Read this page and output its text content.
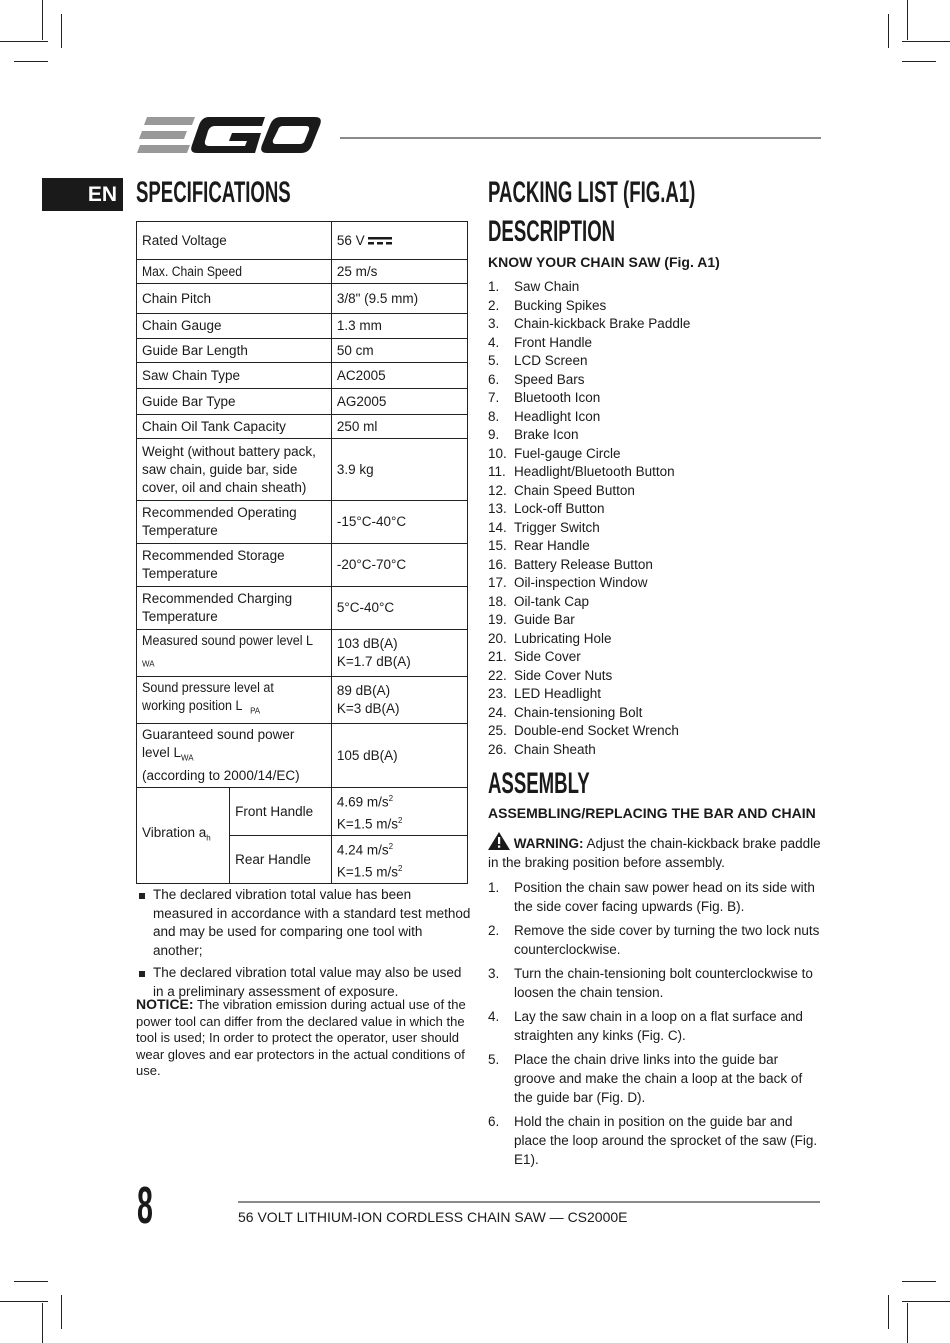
EN SPECIFICATIONS
Rated Voltage		56 V
Max. Chain Speed		25 m/s
Chain Pitch		3/8" (9.5 mm)
Chain Gauge		1.3 mm
Guide Bar Length		50 cm
Saw Chain Type		AC2005
Guide Bar Type		AG2005
Chain Oil Tank Capacity		250 ml
Weight (without battery pack, saw chain, guide bar, side cover, oil and chain sheath)		3.9 kg
Recommended Operating Temperature		-15°C-40°C
Recommended Storage Temperature		-20°C-70°C
Recommended Charging Temperature		5°C-40°C
Measured sound power level $L_{WA}$		103 dB(A)
K=1.7 dB(A)
Sound pressure level at
working position L $_{PA}$		89 dB(A)
K=3 dB(A)
Guaranteed sound power
level $L_{WA}$
(according to 2000/14/EC)		105 dB(A)
Vibration $a_h$	Front Handle	4.69 $m/s^2$
K=1.5 $m/s^2$
	Rear Handle	4.24 $m/s^2$
K=1.5 $m/s^2$
The declared vibration total value has been measured in accordance with a standard test method and may be used for comparing one tool with another;
The declared vibration total value may also be used in a preliminary assessment of exposure.
NOTICE: The vibration emission during actual use of the power tool can differ from the declared value in which the tool is used; In order to protect the operator, user should wear gloves and ear protectors in the actual conditions of use.
PACKING LIST (FIG.A1)
DESCRIPTION
KNOW YOUR CHAIN SAW (Fig. A1)
1. Saw Chain
2. Bucking Spikes
3. Chain-kickback Brake Paddle
4. Front Handle
5. LCD Screen
6. Speed Bars
7. Bluetooth Icon
8. Headlight Icon
9. Brake Icon
10. Fuel-gauge Circle
11. Headlight/Bluetooth Button
12. Chain Speed Button
13. Lock-off Button
14. Trigger Switch
15. Rear Handle
16. Battery Release Button
17. Oil-inspection Window
18. Oil-tank Cap
19. Guide Bar
20. Lubricating Hole
21. Side Cover
22. Side Cover Nuts
23. LED Headlight
24. Chain-tensioning Bolt
25. Double-end Socket Wrench
26. Chain Sheath
ASSEMBLY
ASSEMBLING/REPLACING THE BAR AND CHAIN
WARNING: Adjust the chain-kickback brake paddle in the braking position before assembly.
1. Position the chain saw power head on its side with the side cover facing upwards (Fig. B).
2. Remove the side cover by turning the two lock nuts counterclockwise.
3. Turn the chain-tensioning bolt counterclockwise to loosen the chain tension.
4. Lay the saw chain in a loop on a flat surface and straighten any kinks (Fig. C).
5. Place the chain drive links into the guide bar groove and make the chain a loop at the back of the guide bar (Fig. D).
6. Hold the chain in position on the guide bar and place the loop around the sprocket of the saw (Fig. E1).
8	56 VOLT LITHIUM-ION CORDLESS CHAIN SAW — CS2000E
